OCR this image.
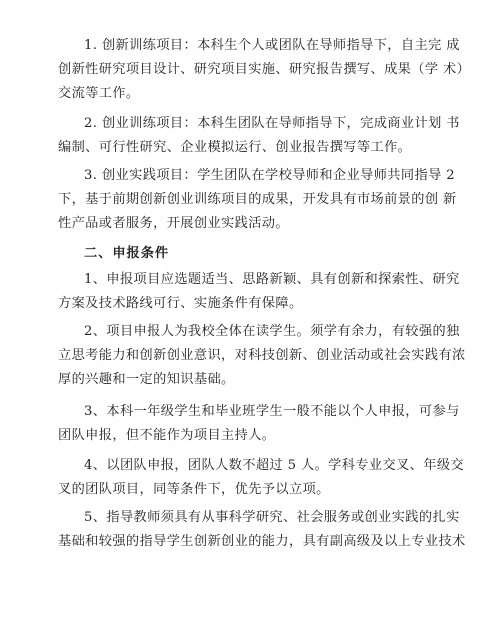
1. 创新训练项目：本科生个人或团队在导师指导下，自主完 成
创新性研究项目设计、研究项目实施、研究报告撰写、成果（学 术）
交流等工作。
2. 创业训练项目：本科生团队在导师指导下，完成商业计划 书
编制、可行性研究、企业模拟运行、创业报告撰写等工作。
3. 创业实践项目：学生团队在学校导师和企业导师共同指导 2
下，基于前期创新创业训练项目的成果，开发具有市场前景的创 新
性产品或者服务，开展创业实践活动。
二、申报条件
1、申报项目应选题适当、思路新颖、具有创新和探索性、研究
方案及技术路线可行、实施条件有保障。
2、项目申报人为我校全体在读学生。须学有余力，有较强的独
立思考能力和创新创业意识，对科技创新、创业活动或社会实践有浓
厚的兴趣和一定的知识基础。
3、本科一年级学生和毕业班学生一般不能以个人申报，可参与
团队申报，但不能作为项目主持人。
4、以团队申报，团队人数不超过 5 人。学科专业交叉、年级交
叉的团队项目，同等条件下，优先予以立项。
5、指导教师须具有从事科学研究、社会服务或创业实践的扎实
基础和较强的指导学生创新创业的能力，具有副高级及以上专业技术
